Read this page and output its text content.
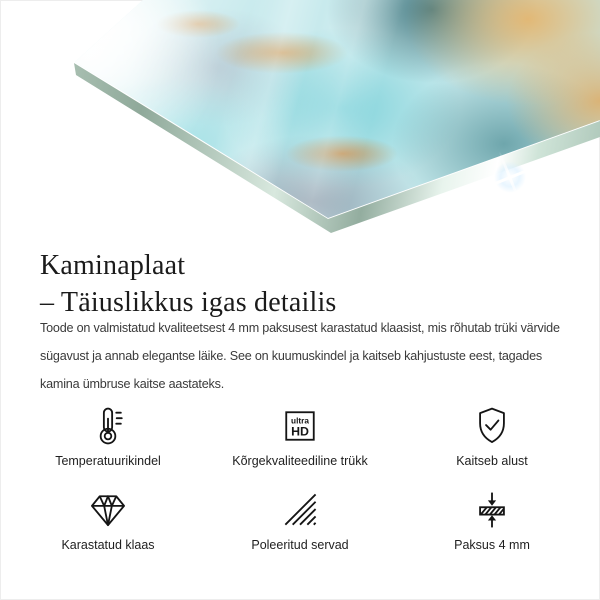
Kaminaplaat
– Täiuslikkus igas detailis
Toode on valmistatud kvaliteetsest 4 mm paksusest karastatud klaasist, mis rõhutab trüki värvide
sügavust ja annab elegantse läike. See on kuumuskindel ja kaitseb kahjustuste eest, tagades
kamina ümbruse kaitse aastateks.
Temperatuurikindel
ultra
HD
Kõrgekvaliteediline trükk	Kaitseb alust
Karastatud klaas	Poleeritud servad	Paksus 4 mm
